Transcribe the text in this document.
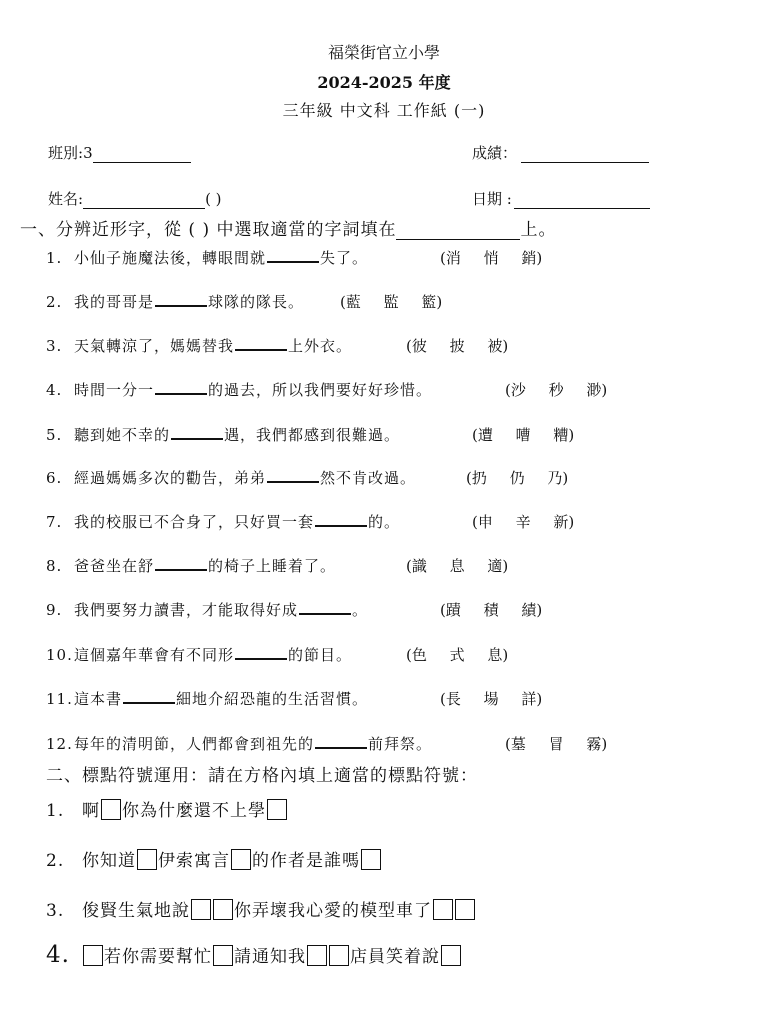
福榮街官立小學
2024-2025 年度
三年級 中文科 工作紙 (一)
班別:3	成績：
姓名:	( )	日期 :
一、分辨近形字，從 ( ) 中選取適當的字詞填在	上。
1. 小仙子施魔法後，轉眼間就	失了。	(消 悄 銷)
2. 我的哥哥是	球隊的隊長。 (藍 監 籃)
3. 天氣轉涼了，媽媽替我	上外衣。	(彼 披 被)
4. 時間一分一	的過去，所以我們要好好珍惜。	(沙 秒 渺)
5. 聽到她不幸的	遇，我們都感到很難過。	(遭 嘈 糟)
6. 經過媽媽多次的勸告，弟弟	然不肯改過。	(扔 仍 乃)
7. 我的校服已不合身了，只好買一套	的。	(申 辛 新)
8. 爸爸坐在舒	的椅子上睡着了。	(識 息 適)
9. 我們要努力讀書，才能取得好成	。	(蹟 積 績)
10.這個嘉年華會有不同形	的節目。	(色 式 息)
11.這本書	細地介紹恐龍的生活習慣。	(長 場 詳)
12.每年的清明節，人們都會到祖先的	前拜祭。	(墓 冒 霧)
二、標點符號運用：請在方格內填上適當的標點符號：
1. 啊 你為什麼還不上學
2. 你知道 伊索寓言 的作者是誰嗎
3. 俊賢生氣地說	你弄壞我心愛的模型車了
4. 若你需要幫忙 請通知我	店員笑着說
